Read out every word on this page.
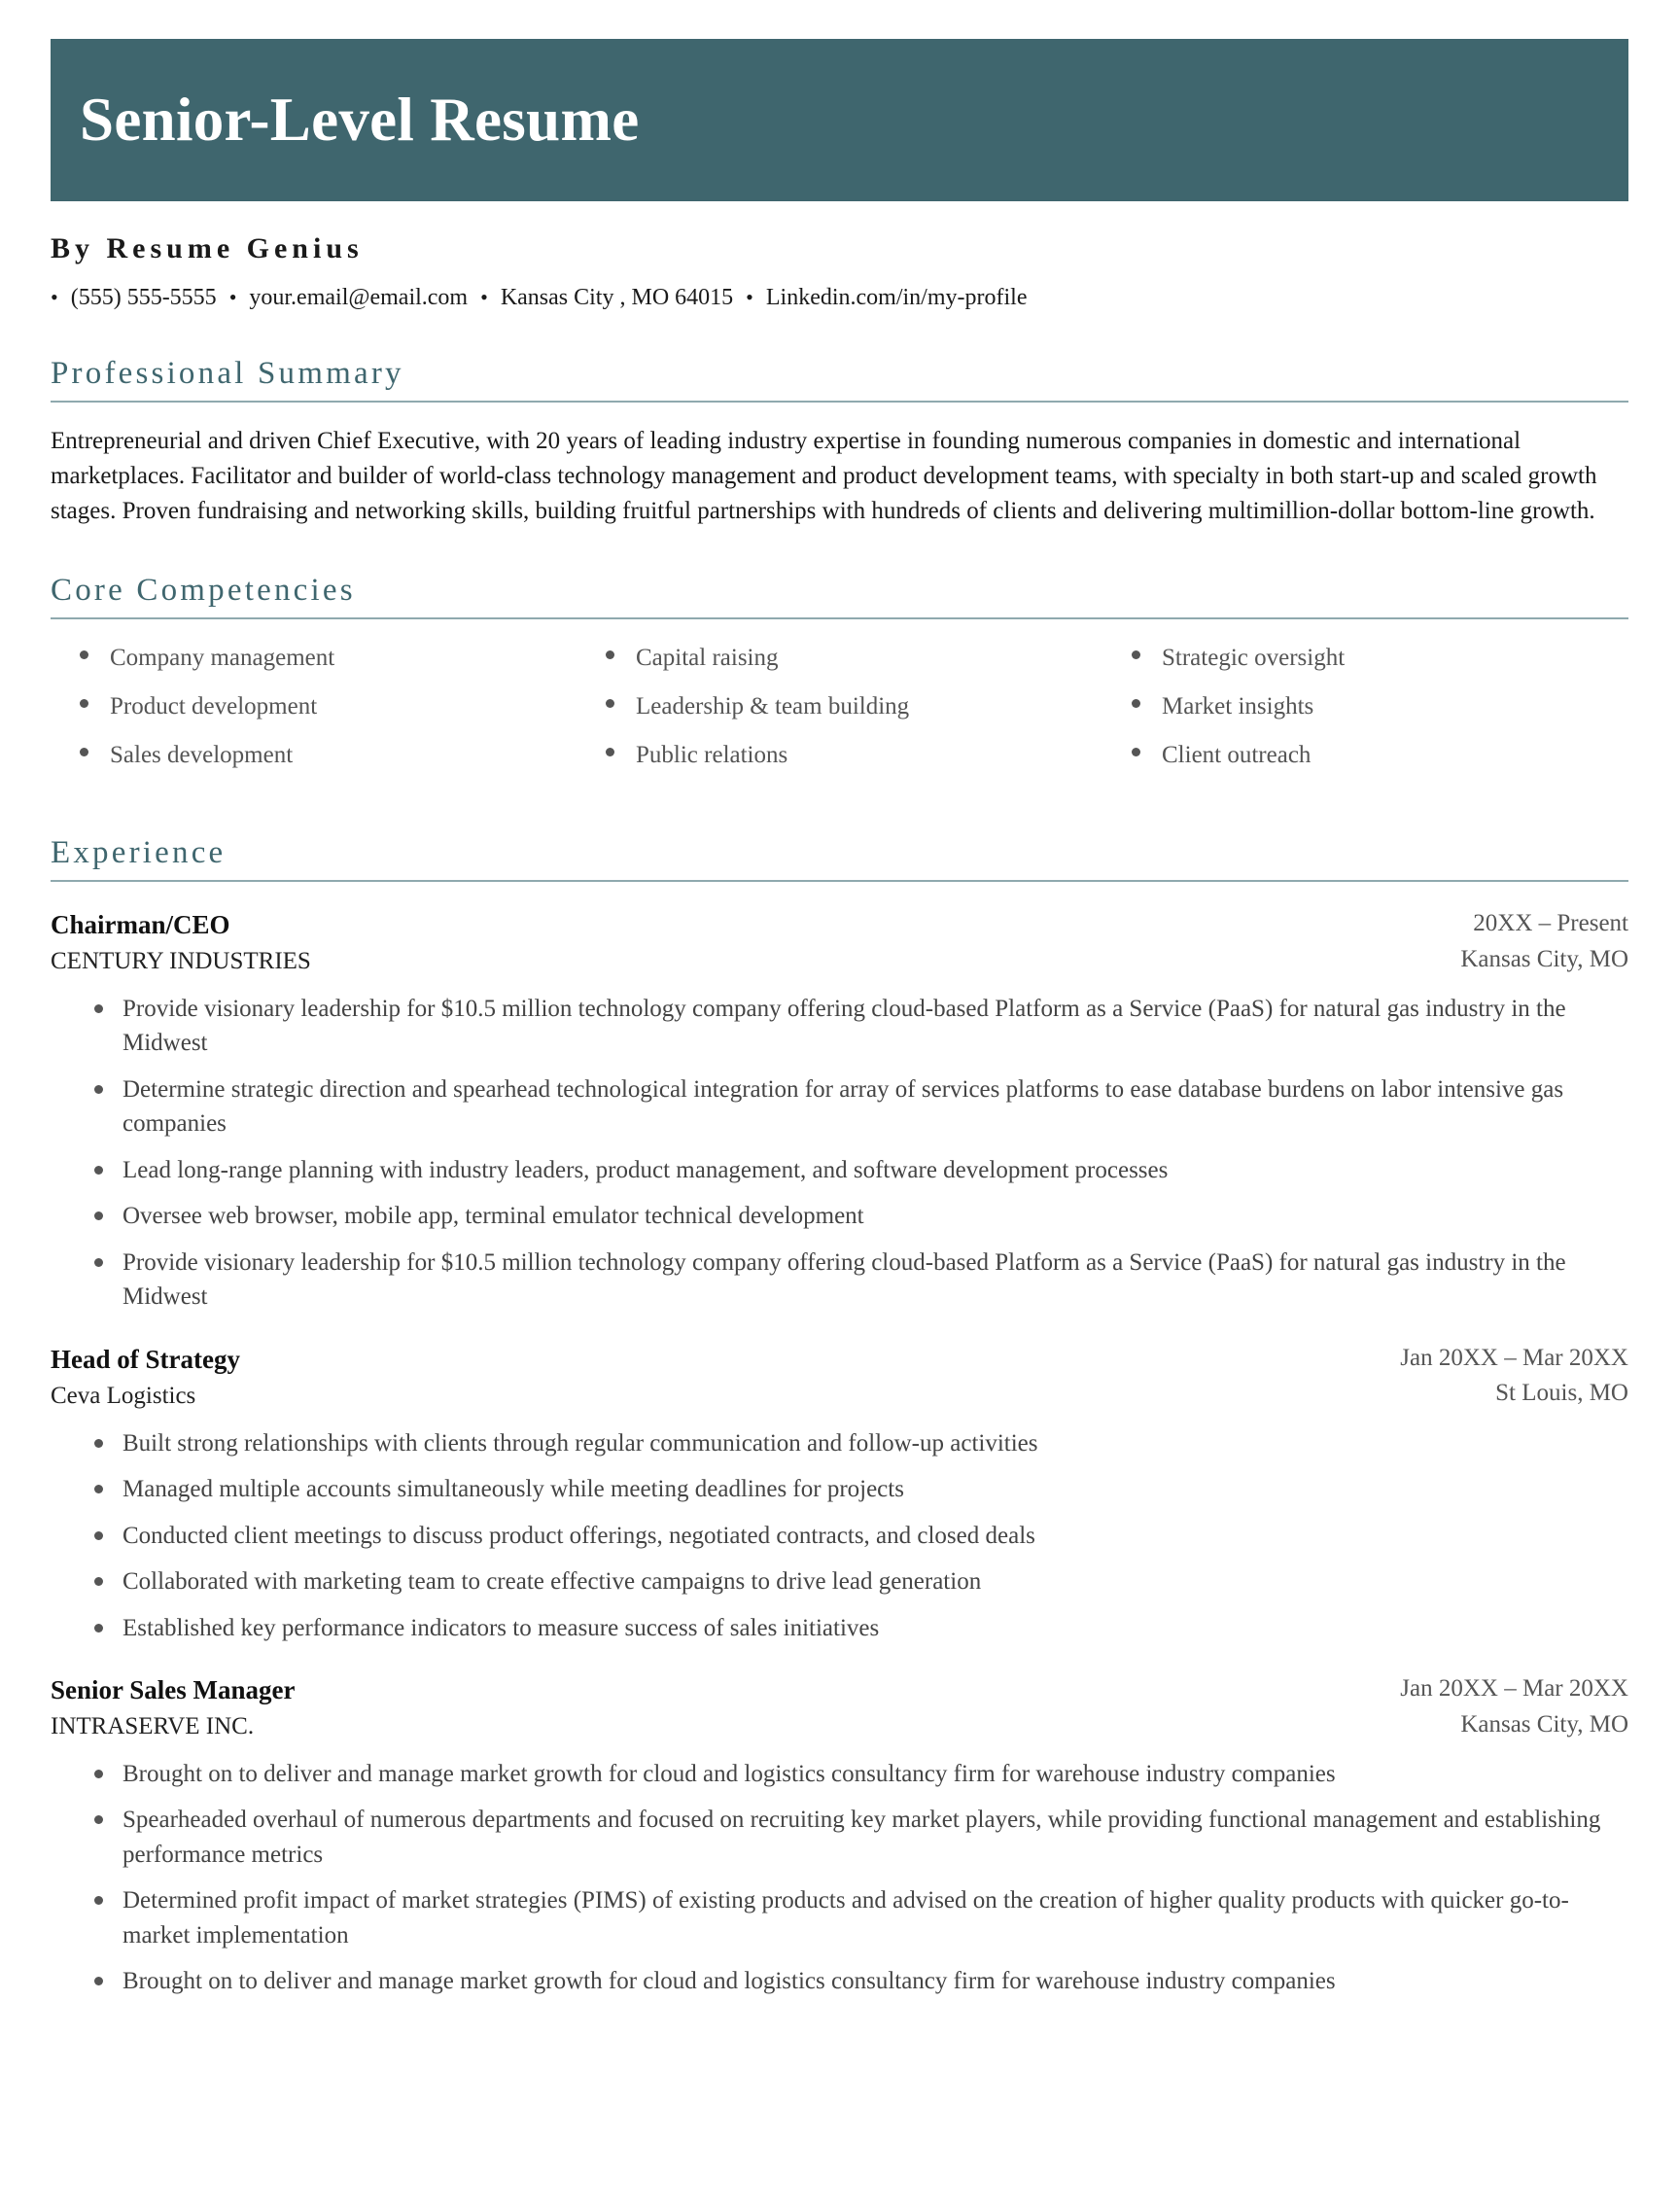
Senior-Level Resume
By Resume Genius
• (555) 555-5555 • your.email@email.com • Kansas City , MO 64015 • Linkedin.com/in/my-profile
Professional Summary
Entrepreneurial and driven Chief Executive, with 20 years of leading industry expertise in founding numerous companies in domestic and international marketplaces. Facilitator and builder of world-class technology management and product development teams, with specialty in both start-up and scaled growth stages. Proven fundraising and networking skills, building fruitful partnerships with hundreds of clients and delivering multimillion-dollar bottom-line growth.
Core Competencies
Company management	Capital raising	Strategic oversight
Product development	Leadership & team building	Market insights
Sales development	Public relations	Client outreach
Experience
Chairman/CEO
CENTURY INDUSTRIES
20XX – Present
Kansas City, MO
Provide visionary leadership for $10.5 million technology company offering cloud-based Platform as a Service (PaaS) for natural gas industry in the Midwest
Determine strategic direction and spearhead technological integration for array of services platforms to ease database burdens on labor intensive gas companies
Lead long-range planning with industry leaders, product management, and software development processes
Oversee web browser, mobile app, terminal emulator technical development
Provide visionary leadership for $10.5 million technology company offering cloud-based Platform as a Service (PaaS) for natural gas industry in the Midwest
Head of Strategy
Ceva Logistics
Jan 20XX – Mar 20XX
St Louis, MO
Built strong relationships with clients through regular communication and follow-up activities
Managed multiple accounts simultaneously while meeting deadlines for projects
Conducted client meetings to discuss product offerings, negotiated contracts, and closed deals
Collaborated with marketing team to create effective campaigns to drive lead generation
Established key performance indicators to measure success of sales initiatives
Senior Sales Manager
INTRASERVE INC.
Jan 20XX – Mar 20XX
Kansas City, MO
Brought on to deliver and manage market growth for cloud and logistics consultancy firm for warehouse industry companies
Spearheaded overhaul of numerous departments and focused on recruiting key market players, while providing functional management and establishing performance metrics
Determined profit impact of market strategies (PIMS) of existing products and advised on the creation of higher quality products with quicker go-to-market implementation
Brought on to deliver and manage market growth for cloud and logistics consultancy firm for warehouse industry companies
